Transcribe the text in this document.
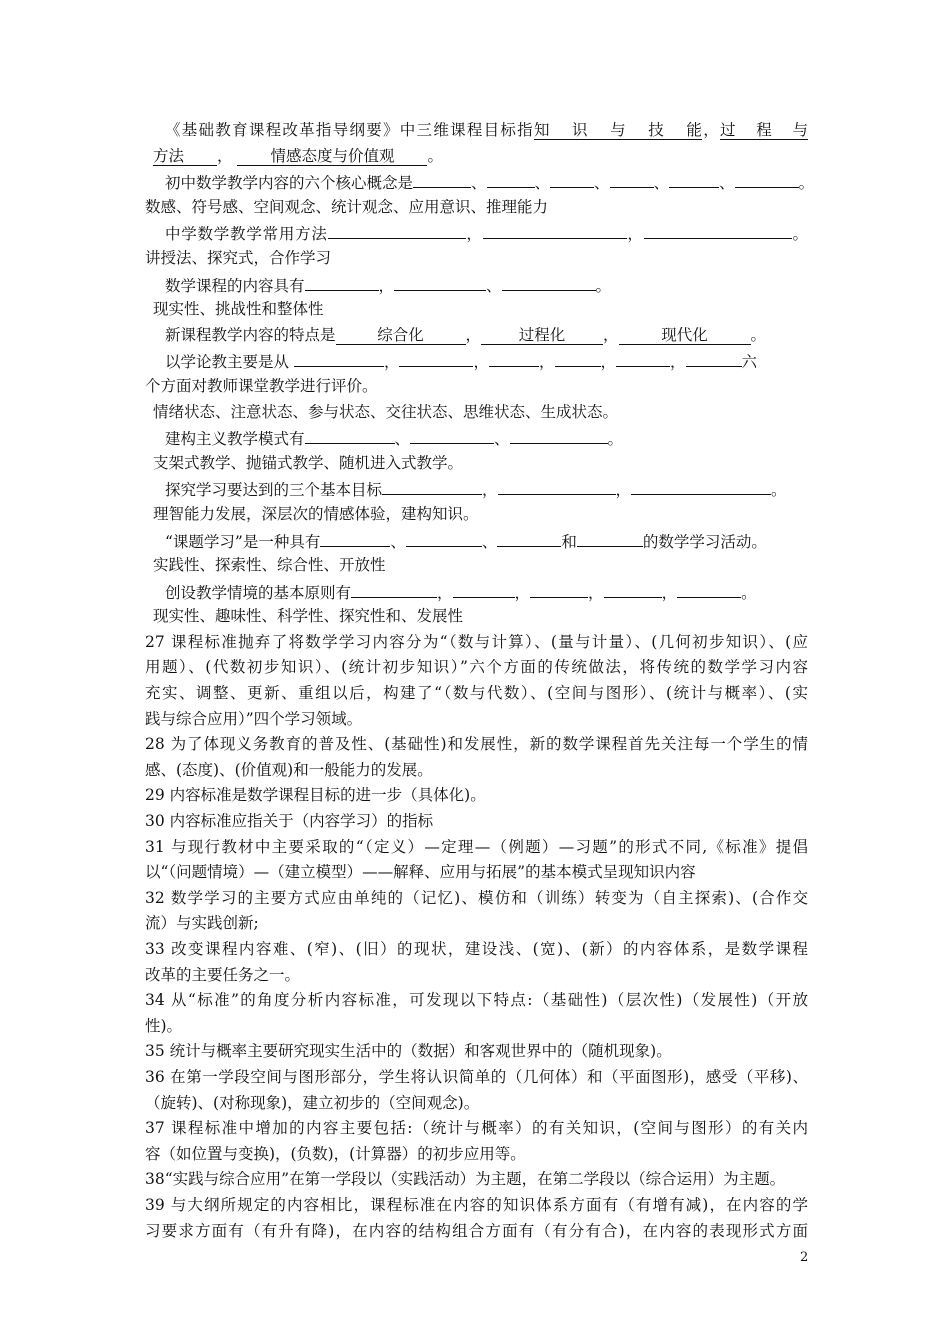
《基础教育课程改革指导纲要》中三维课程目标指知识与技能，过程与
方法 ， 情感态度与价值观 。
初中数学教学内容的六个核心概念是	、	、	、	、	、	。
数感、符号感、空间观念、统计观念、应用意识、推理能力
中学数学教学常用方法	，	，	。
讲授法、探究式，合作学习
数学课程的内容具有	，	、	。
现实性、挑战性和整体性
新课程教学内容的特点是	综合化	， 过程化 ，	现代化	。
以学论教主要是从	，	，	，	，	，	六
个方面对教师课堂教学进行评价。
情绪状态、注意状态、参与状态、交往状态、思维状态、生成状态。
建构主义教学模式有	、	、	。
支架式教学、抛锚式教学、随机进入式教学。
探究学习要达到的三个基本目标	，	，	。
理智能力发展，深层次的情感体验，建构知识。
“课题学习”是一种具有	、	、	和	的数学学习活动。
实践性、探索性、综合性、开放性
创设教学情境的基本原则有	，	，	，	，	。
现实性、趣味性、科学性、探究性和、发展性
27 课程标准抛弃了将数学学习内容分为“（数与计算）、(量与计量）、(几何初步知识）、(应
用题）、(代数初步知识）、(统计初步知识）”六个方面的传统做法，将传统的数学学习内容
充实、调整、更新、重组以后，构建了“（数与代数）、(空间与图形）、(统计与概率）、(实
践与综合应用）”四个学习领域。
28 为了体现义务教育的普及性、(基础性)和发展性，新的数学课程首先关注每一个学生的情
感、(态度)、(价值观)和一般能力的发展。
29 内容标准是数学课程目标的进一步（具体化)。
30 内容标准应指关于（内容学习）的指标
31 与现行教材中主要采取的“（定义）—定理—（例题）—习题”的形式不同,《标准》提倡
以“（问题情境）—（建立模型）——解释、应用与拓展”的基本模式呈现知识内容
32 数学学习的主要方式应由单纯的（记忆)、模仿和（训练）转变为（自主探索)、(合作交
流）与实践创新;
33 改变课程内容难、(窄)、(旧）的现状，建设浅、(宽)、(新）的内容体系，是数学课程
改革的主要任务之一。
34 从“标准”的角度分析内容标准，可发现以下特点:（基础性)（层次性)（发展性)（开放
性)。
35 统计与概率主要研究现实生活中的（数据）和客观世界中的（随机现象)。
36 在第一学段空间与图形部分，学生将认识简单的（几何体）和（平面图形)，感受（平移)、
（旋转)、(对称现象)，建立初步的（空间观念)。
37 课程标准中增加的内容主要包括:（统计与概率）的有关知识，(空间与图形）的有关内
容（如位置与变换)，(负数)，(计算器）的初步应用等。
38“实践与综合应用”在第一学段以（实践活动）为主题，在第二学段以（综合运用）为主题。
39 与大纲所规定的内容相比，课程标准在内容的知识体系方面有（有增有减)，在内容的学
习要求方面有（有升有降)，在内容的结构组合方面有（有分有合)，在内容的表现形式方面
2
